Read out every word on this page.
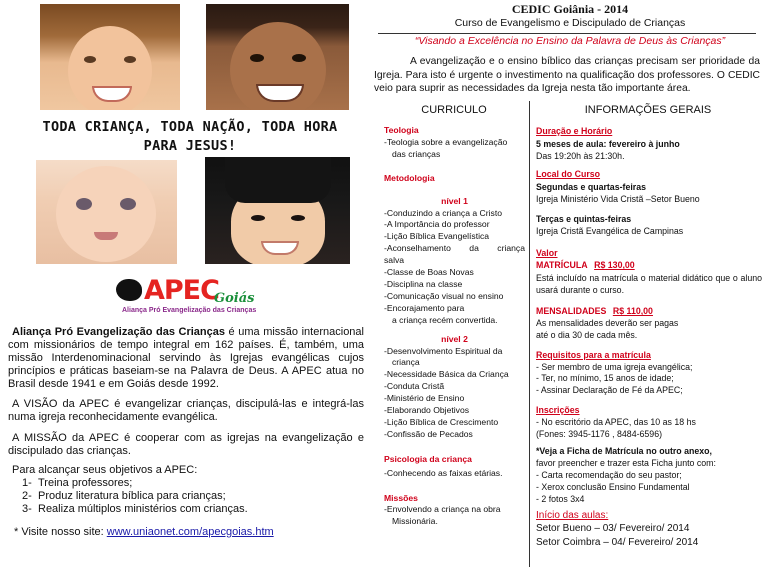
TODA CRIANÇA, TODA NAÇÃO, TODA HORA
PARA JESUS!
APEC
Goiás
Aliança Pró Evangelização das Crianças

Aliança Pró Evangelização das Crianças é uma missão internacional com missionários de tempo integral em 162 países. É, também, uma missão Interdenominacional servindo às Igrejas evangélicas cujos princípios e práticas baseiam-se na Palavra de Deus. A APEC atua no Brasil desde 1941 e em Goiás desde 1992.

A VISÃO da APEC é evangelizar crianças, discipulá-las e integrá-las numa igreja reconhecidamente evangélica.

A MISSÃO da APEC é cooperar com as igrejas na evangelização e discipulado das crianças.

Para alcançar seus objetivos a APEC:
1- Treina professores;
2- Produz literatura bíblica para crianças;
3- Realiza múltiplos ministérios com crianças.
* Visite nosso site: www.uniaonet.com/apecgoias.htm
CEDIC Goiânia - 2014
Curso de Evangelismo e Discipulado de Crianças
“Visando a Excelência no Ensino da Palavra de Deus às Crianças”
A evangelização e o ensino bíblico das crianças precisam ser prioridade da Igreja. Para isto é urgente o investimento na qualificação dos professores. O CEDIC veio para suprir as necessidades da Igreja nesta tão importante área.
CURRICULO	INFORMAÇÕES GERAIS
Teologia
-Teologia sobre a evangelização
das crianças
Metodologia
nível 1
-Conduzindo a criança a Cristo
-A Importância do professor
-Lição Bíblica Evangelística
-Aconselhamento da criança
salva
-Classe de Boas Novas
-Disciplina na classe
-Comunicação visual no ensino
-Encorajamento para
a criança recém convertida.
nível 2
-Desenvolvimento Espiritual da
criança
-Necessidade Básica da Criança
-Conduta Cristã
-Ministério de Ensino
-Elaborando Objetivos
-Lição Bíblica de Crescimento
-Confissão de Pecados
Psicologia da criança
-Conhecendo as faixas etárias.
Missões
-Envolvendo a criança na obra
Missionária.
Duração e Horário
5 meses de aula: fevereiro à junho
Das 19:20h às 21:30h.
Local do Curso
Segundas e quartas-feiras
Igreja Ministério Vida Cristã –Setor Bueno
Terças e quintas-feiras
Igreja Cristã Evangélica de Campinas
Valor
MATRÍCULA R$ 130,00
Está incluído na matrícula o material didático que o aluno usará durante o curso.
MENSALIDADES R$ 110,00
As mensalidades deverão ser pagas
até o dia 30 de cada mês.
Requisitos para a matrícula
- Ser membro de uma igreja evangélica;
- Ter, no mínimo, 15 anos de idade;
- Assinar Declaração de Fé da APEC;
Inscrições
- No escritório da APEC, das 10 as 18 hs
(Fones: 3945-1176 , 8484-6596)
*Veja a Ficha de Matrícula no outro anexo,
favor preencher e trazer esta Ficha junto com:
- Carta recomendação do seu pastor;
- Xerox conclusão Ensino Fundamental
- 2 fotos 3x4
Início das aulas:
Setor Bueno – 03/ Fevereiro/ 2014
Setor Coimbra – 04/ Fevereiro/ 2014
